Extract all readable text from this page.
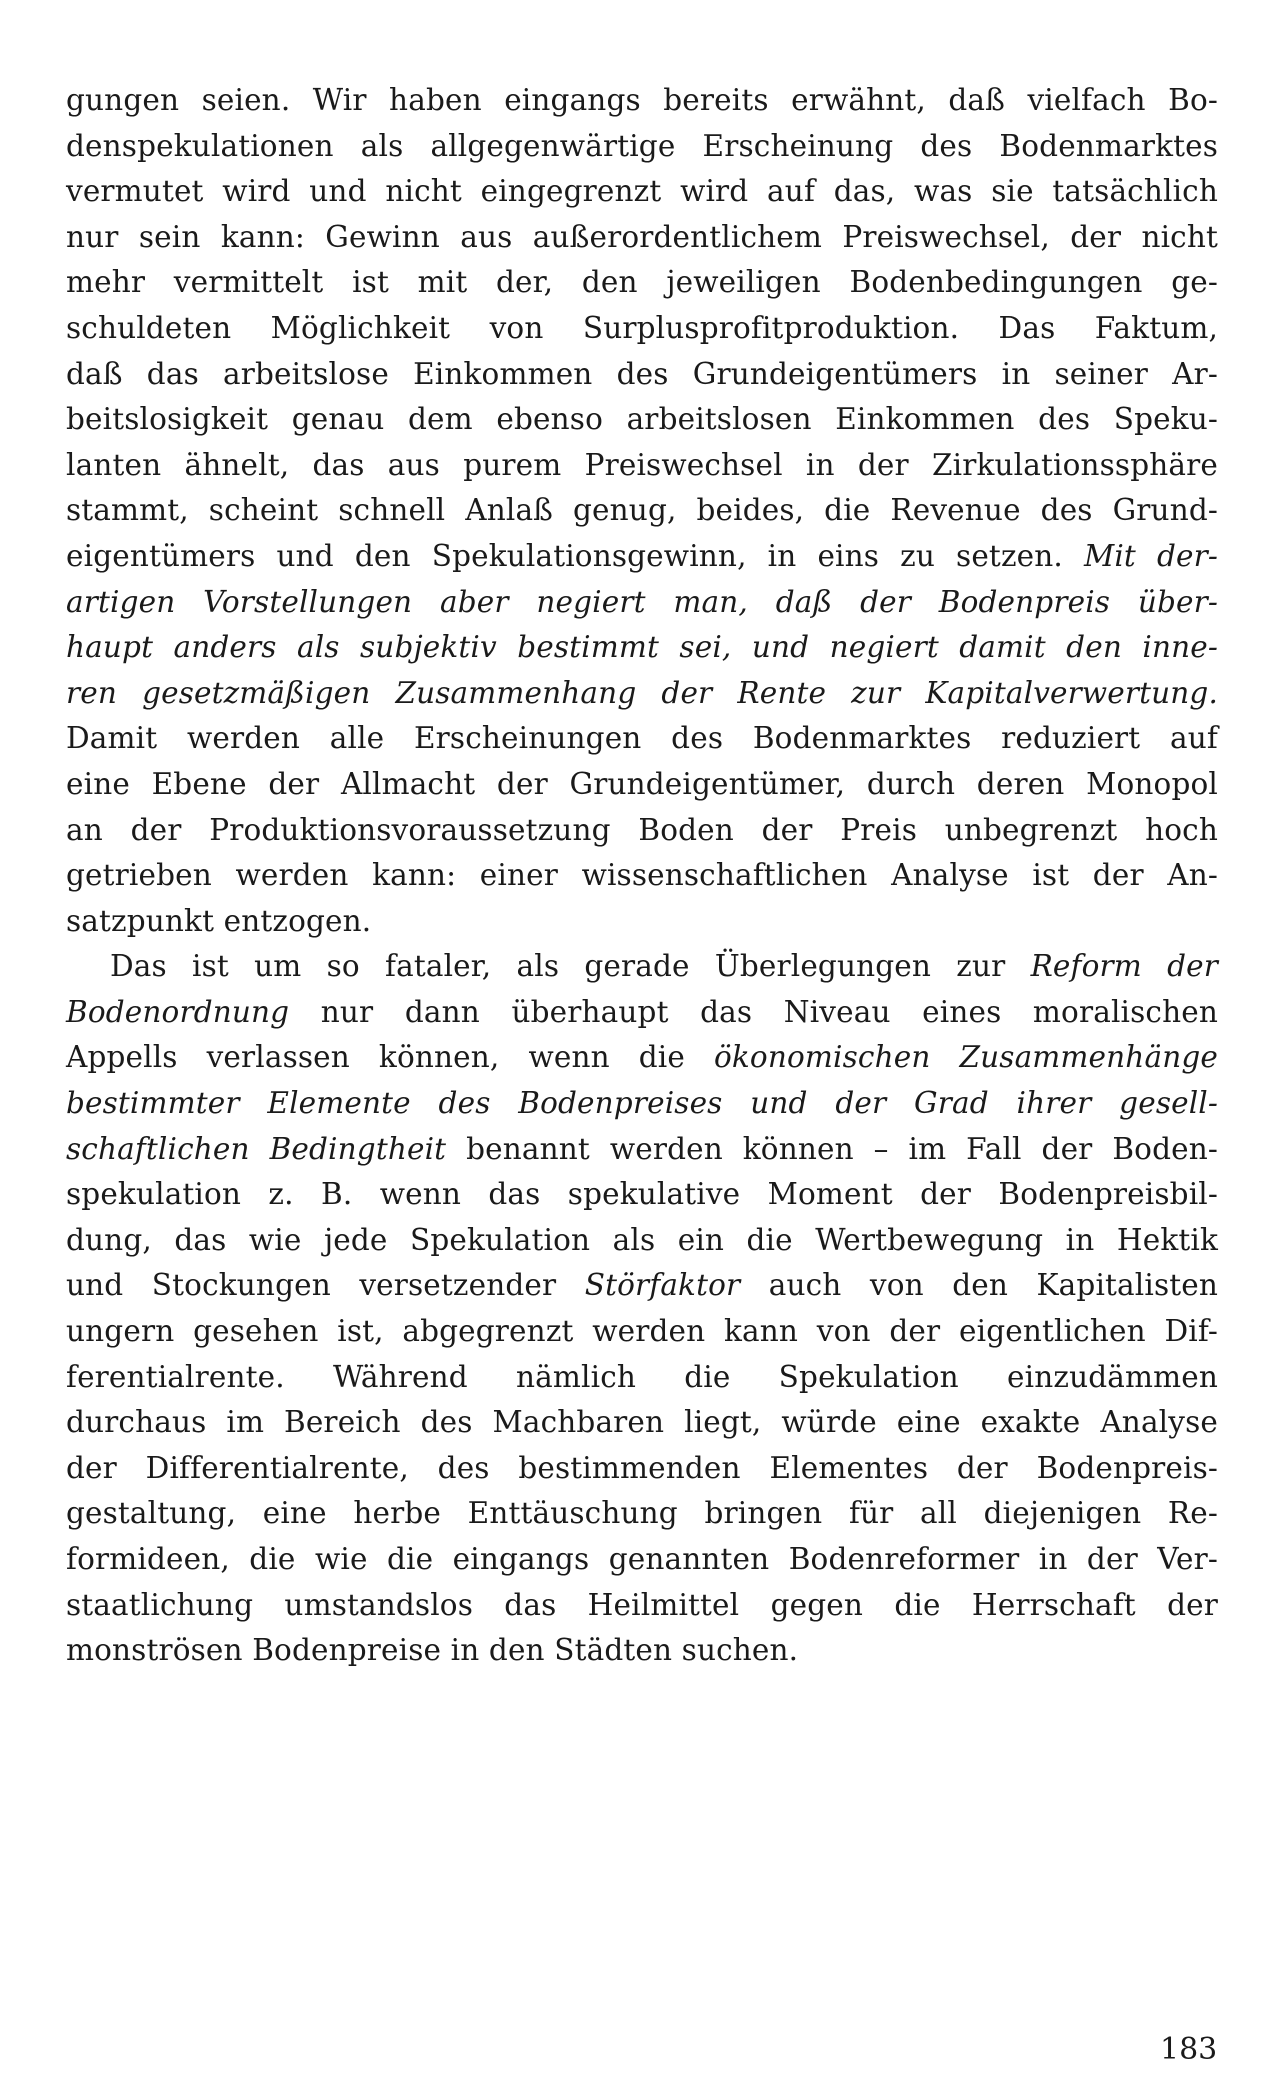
gungen seien. Wir haben eingangs bereits erwähnt, daß vielfach Bo-
denspekulationen als allgegenwärtige Erscheinung des Bodenmarktes
vermutet wird und nicht eingegrenzt wird auf das, was sie tatsächlich
nur sein kann: Gewinn aus außerordentlichem Preiswechsel, der nicht
mehr vermittelt ist mit der, den jeweiligen Bodenbedingungen ge-
schuldeten Möglichkeit von Surplusprofitproduktion. Das Faktum,
daß das arbeitslose Einkommen des Grundeigentümers in seiner Ar-
beitslosigkeit genau dem ebenso arbeitslosen Einkommen des Speku-
lanten ähnelt, das aus purem Preiswechsel in der Zirkulationssphäre
stammt, scheint schnell Anlaß genug, beides, die Revenue des Grund-
eigentümers und den Spekulationsgewinn, in eins zu setzen. Mit der-
artigen Vorstellungen aber negiert man, daß der Bodenpreis über-
haupt anders als subjektiv bestimmt sei, und negiert damit den inne-
ren gesetzmäßigen Zusammenhang der Rente zur Kapitalverwertung.
Damit werden alle Erscheinungen des Bodenmarktes reduziert auf
eine Ebene der Allmacht der Grundeigentümer, durch deren Monopol
an der Produktionsvoraussetzung Boden der Preis unbegrenzt hoch
getrieben werden kann: einer wissenschaftlichen Analyse ist der An-
satzpunkt entzogen.
Das ist um so fataler, als gerade Überlegungen zur Reform der
Bodenordnung nur dann überhaupt das Niveau eines moralischen
Appells verlassen können, wenn die ökonomischen Zusammenhänge
bestimmter Elemente des Bodenpreises und der Grad ihrer gesell-
schaftlichen Bedingtheit benannt werden können – im Fall der Boden-
spekulation z. B. wenn das spekulative Moment der Bodenpreisbil-
dung, das wie jede Spekulation als ein die Wertbewegung in Hektik
und Stockungen versetzender Störfaktor auch von den Kapitalisten
ungern gesehen ist, abgegrenzt werden kann von der eigentlichen Dif-
ferentialrente. Während nämlich die Spekulation einzudämmen
durchaus im Bereich des Machbaren liegt, würde eine exakte Analyse
der Differentialrente, des bestimmenden Elementes der Bodenpreis-
gestaltung, eine herbe Enttäuschung bringen für all diejenigen Re-
formideen, die wie die eingangs genannten Bodenreformer in der Ver-
staatlichung umstandslos das Heilmittel gegen die Herrschaft der
monströsen Bodenpreise in den Städten suchen.
183
